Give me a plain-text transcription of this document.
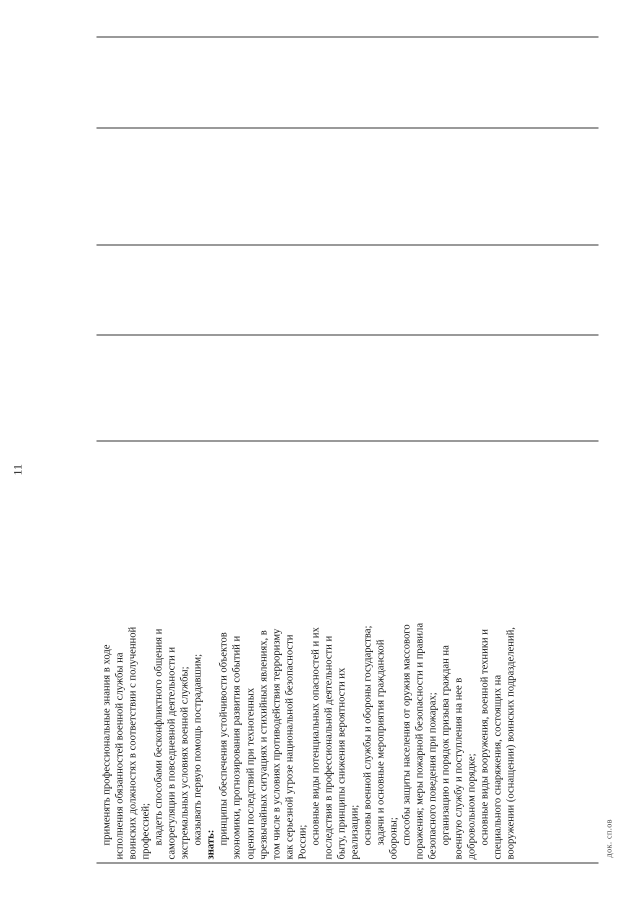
11
применять профессиональные знания в ходе исполнения обязанностей военной службы на воинских должностях в соответствии с полученной профессией; владеть способами бесконфликтного общения и саморегуляции в повседневной деятельности и экстремальных условиях военной службы; оказывать первую помощь пострадавшим; знать: принципы обеспечения устойчивости объектов экономики, прогнозирования развития событий и оценки последствий при техногенных чрезвычайных ситуациях и стихийных явлениях, в том числе в условиях противодействия терроризму как серьезной угрозе национальной безопасности России; основные виды потенциальных опасностей и их последствия в профессиональной деятельности и быту, принципы снижения вероятности их реализации; основы военной службы и обороны государства; задачи и основные мероприятия гражданской обороны; способы защиты населения от оружия массового поражения; меры пожарной безопасности и правила безопасного поведения при пожарах; организацию и порядок призыва граждан на военную службу и поступления на нее в добровольном порядке; основные виды вооружения, военной техники и специального снаряжения, состоящих на вооружении (оснащении) воинских подразделений,	док. сп.ов
